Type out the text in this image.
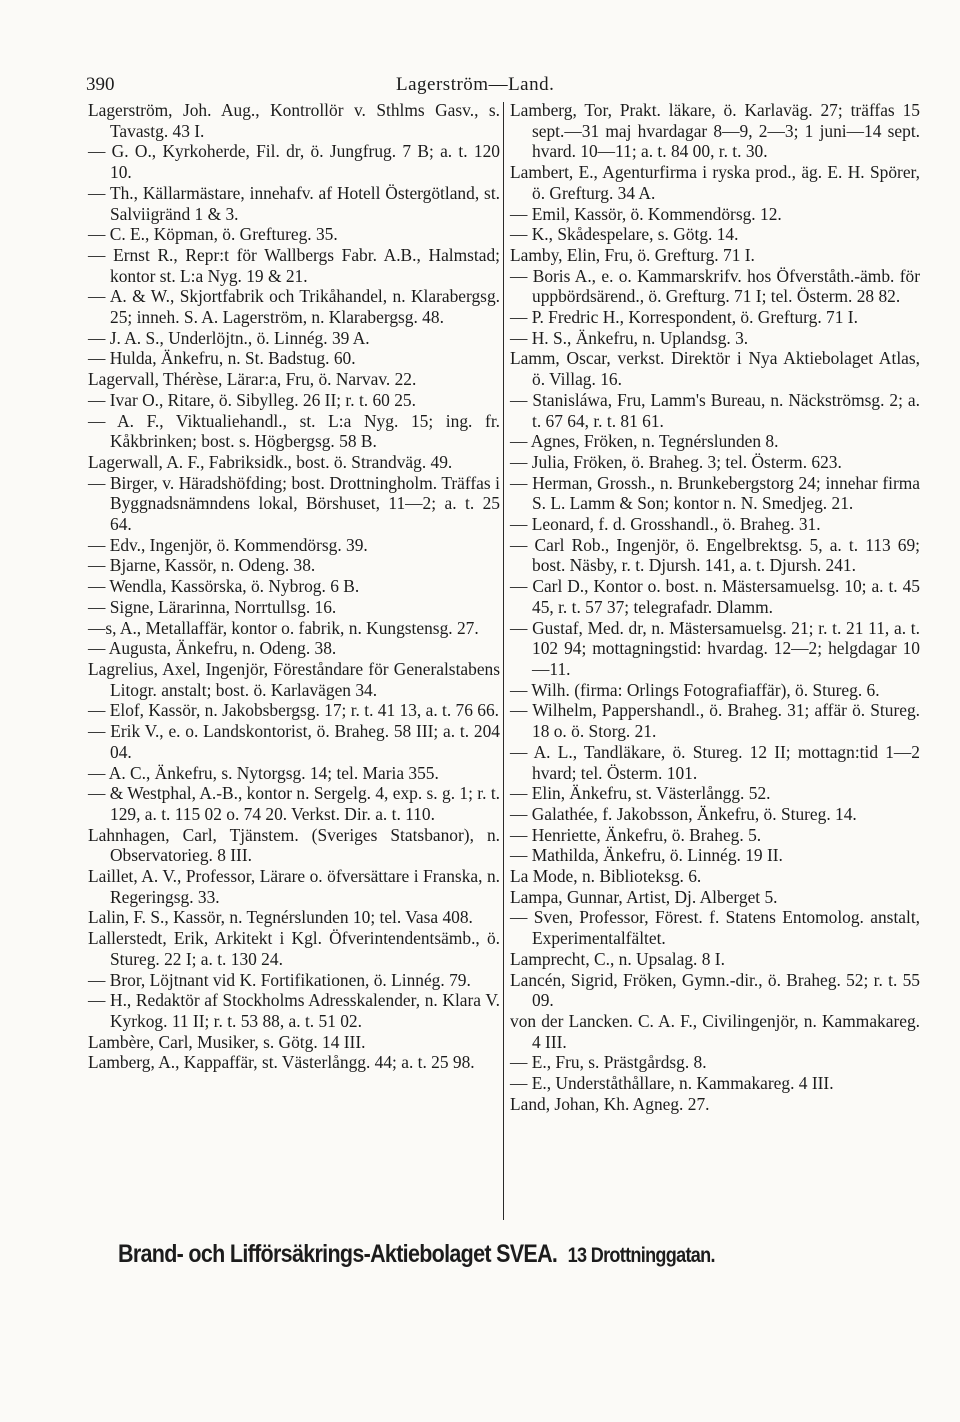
390	Lagerström—Land.
Lagerström, Joh. Aug., Kontrollör v. Sthlms Gasv., s. Tavastg. 43 I.
— G. O., Kyrkoherde, Fil. dr, ö. Jungfrug. 7 B; a. t. 120 10.
— Th., Källarmästare, innehafv. af Hotell Östergötland, st. Salviigränd 1 & 3.
— C. E., Köpman, ö. Greftureg. 35.
— Ernst R., Repr:t för Wallbergs Fabr. A.B., Halmstad; kontor st. L:a Nyg. 19 & 21.
— A. & W., Skjortfabrik och Trikåhandel, n. Klarabergsg. 25; inneh. S. A. Lagerström, n. Klarabergsg. 48.
— J. A. S., Underlöjtn., ö. Linnég. 39 A.
— Hulda, Änkefru, n. St. Badstug. 60.
Lagervall, Thérèse, Lärar:a, Fru, ö. Narvav. 22.
— Ivar O., Ritare, ö. Sibylleg. 26 II; r. t. 60 25.
— A. F., Viktualiehandl., st. L:a Nyg. 15; ing. fr. Kåkbrinken; bost. s. Högbergsg. 58 B.
Lagerwall, A. F., Fabriksidk., bost. ö. Strandväg. 49.
— Birger, v. Häradshöfding; bost. Drottningholm. Träffas i Byggnadsnämndens lokal, Börshuset, 11—2; a. t. 25 64.
— Edv., Ingenjör, ö. Kommendörsg. 39.
— Bjarne, Kassör, n. Odeng. 38.
— Wendla, Kassörska, ö. Nybrog. 6 B.
— Signe, Lärarinna, Norrtullsg. 16.
—s, A., Metallaffär, kontor o. fabrik, n. Kungstensg. 27.
— Augusta, Änkefru, n. Odeng. 38.
Lagrelius, Axel, Ingenjör, Föreståndare för Generalstabens Litogr. anstalt; bost. ö. Karlavägen 34.
— Elof, Kassör, n. Jakobsbergsg. 17; r. t. 41 13, a. t. 76 66.
— Erik V., e. o. Landskontorist, ö. Braheg. 58 III; a. t. 204 04.
— A. C., Änkefru, s. Nytorgsg. 14; tel. Maria 355.
— & Westphal, A.-B., kontor n. Sergelg. 4, exp. s. g. 1; r. t. 129, a. t. 115 02 o. 74 20. Verkst. Dir. a. t. 110.
Lahnhagen, Carl, Tjänstem. (Sveriges Statsbanor), n. Observatorieg. 8 III.
Laillet, A. V., Professor, Lärare o. öfversättare i Franska, n. Regeringsg. 33.
Lalin, F. S., Kassör, n. Tegnérslunden 10; tel. Vasa 408.
Lallerstedt, Erik, Arkitekt i Kgl. Öfverintendentsämb., ö. Stureg. 22 I; a. t. 130 24.
— Bror, Löjtnant vid K. Fortifikationen, ö. Linnég. 79.
— H., Redaktör af Stockholms Adresskalender, n. Klara V. Kyrkog. 11 II; r. t. 53 88, a. t. 51 02.
Lambère, Carl, Musiker, s. Götg. 14 III.
Lamberg, A., Kappaffär, st. Västerlångg. 44; a. t. 25 98.
Lamberg, Tor, Prakt. läkare, ö. Karlaväg. 27; träffas 15 sept.—31 maj hvardagar 8—9, 2—3; 1 juni—14 sept. hvard. 10—11; a. t. 84 00, r. t. 30.
Lambert, E., Agenturfirma i ryska prod., äg. E. H. Spörer, ö. Grefturg. 34 A.
— Emil, Kassör, ö. Kommendörsg. 12.
— K., Skådespelare, s. Götg. 14.
Lamby, Elin, Fru, ö. Grefturg. 71 I.
— Boris A., e. o. Kammarskrifv. hos Öfverståth.-ämb. för uppbördsärend., ö. Grefturg. 71 I; tel. Österm. 28 82.
— P. Fredric H., Korrespondent, ö. Grefturg. 71 I.
— H. S., Änkefru, n. Uplandsg. 3.
Lamm, Oscar, verkst. Direktör i Nya Aktiebolaget Atlas, ö. Villag. 16.
— Stanisláwa, Fru, Lamm's Bureau, n. Näckströmsg. 2; a. t. 67 64, r. t. 81 61.
— Agnes, Fröken, n. Tegnérslunden 8.
— Julia, Fröken, ö. Braheg. 3; tel. Österm. 623.
— Herman, Grossh., n. Brunkebergstorg 24; innehar firma S. L. Lamm & Son; kontor n. N. Smedjeg. 21.
— Leonard, f. d. Grosshandl., ö. Braheg. 31.
— Carl Rob., Ingenjör, ö. Engelbrektsg. 5, a. t. 113 69; bost. Näsby, r. t. Djursh. 141, a. t. Djursh. 241.
— Carl D., Kontor o. bost. n. Mästersamuelsg. 10; a. t. 45 45, r. t. 57 37; telegrafadr. Dlamm.
— Gustaf, Med. dr, n. Mästersamuelsg. 21; r. t. 21 11, a. t. 102 94; mottagningstid: hvardag. 12—2; helgdagar 10—11.
— Wilh. (firma: Orlings Fotografiaffär), ö. Stureg. 6.
— Wilhelm, Pappershandl., ö. Braheg. 31; affär ö. Stureg. 18 o. ö. Storg. 21.
— A. L., Tandläkare, ö. Stureg. 12 II; mottagn:tid 1—2 hvard; tel. Österm. 101.
— Elin, Änkefru, st. Västerlångg. 52.
— Galathée, f. Jakobsson, Änkefru, ö. Stureg. 14.
— Henriette, Änkefru, ö. Braheg. 5.
— Mathilda, Änkefru, ö. Linnég. 19 II.
La Mode, n. Biblioteksg. 6.
Lampa, Gunnar, Artist, Dj. Alberget 5.
— Sven, Professor, Förest. f. Statens Entomolog. anstalt, Experimentalfältet.
Lamprecht, C., n. Upsalag. 8 I.
Lancén, Sigrid, Fröken, Gymn.-dir., ö. Braheg. 52; r. t. 55 09.
von der Lancken. C. A. F., Civilingenjör, n. Kammakareg. 4 III.
— E., Fru, s. Prästgårdsg. 8.
— E., Underståthållare, n. Kammakareg. 4 III.
Land, Johan, Kh. Agneg. 27.
Brand- och Lifförsäkrings-Aktiebolaget SVEA. 13 Drottninggatan.
